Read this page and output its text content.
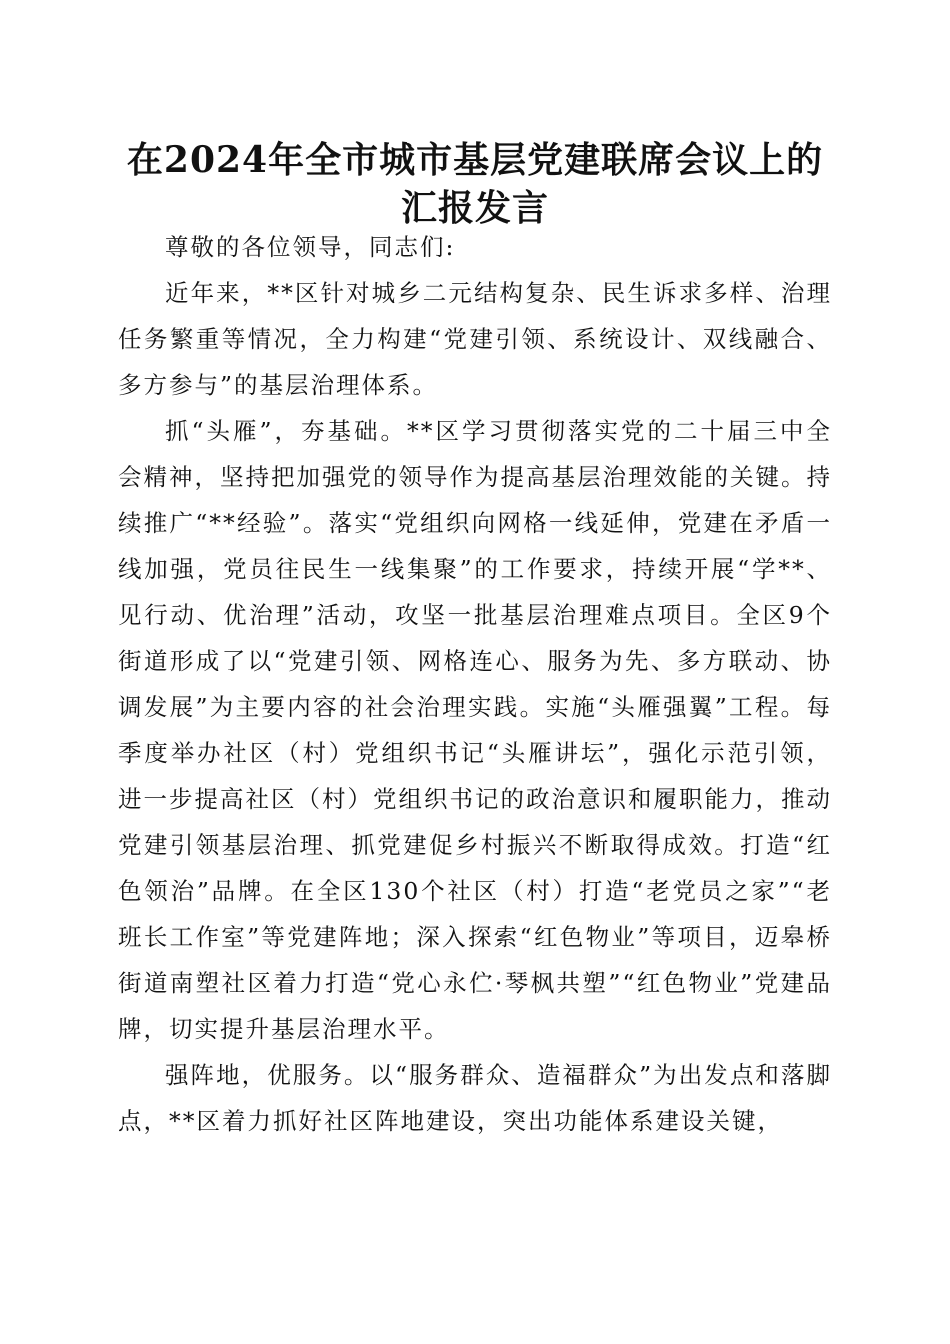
在2024年全市城市基层党建联席会议上的汇报发言

尊敬的各位领导，同志们:

近年来，**区针对城乡二元结构复杂、民生诉求多样、治理任务繁重等情况，全力构建“党建引领、系统设计、双线融合、多方参与”的基层治理体系。

抓“头雁”，夯基础。**区学习贯彻落实党的二十届三中全会精神，坚持把加强党的领导作为提高基层治理效能的关键。持续推广“**经验”。落实“党组织向网格一线延伸，党建在矛盾一线加强，党员往民生一线集聚”的工作要求，持续开展“学**、见行动、优治理”活动，攻坚一批基层治理难点项目。全区9个街道形成了以“党建引领、网格连心、服务为先、多方联动、协调发展”为主要内容的社会治理实践。实施“头雁强翼”工程。每季度举办社区（村）党组织书记“头雁讲坛”，强化示范引领，进一步提高社区（村）党组织书记的政治意识和履职能力，推动党建引领基层治理、抓党建促乡村振兴不断取得成效。打造“红色领治”品牌。在全区130个社区（村）打造“老党员之家”“老班长工作室”等党建阵地；深入探索“红色物业”等项目，迈皋桥街道南塑社区着力打造“党心永伫·琴枫共塑”“红色物业”党建品牌，切实提升基层治理水平。

强阵地，优服务。以“服务群众、造福群众”为出发点和落脚点，**区着力抓好社区阵地建设，突出功能体系建设关键，
